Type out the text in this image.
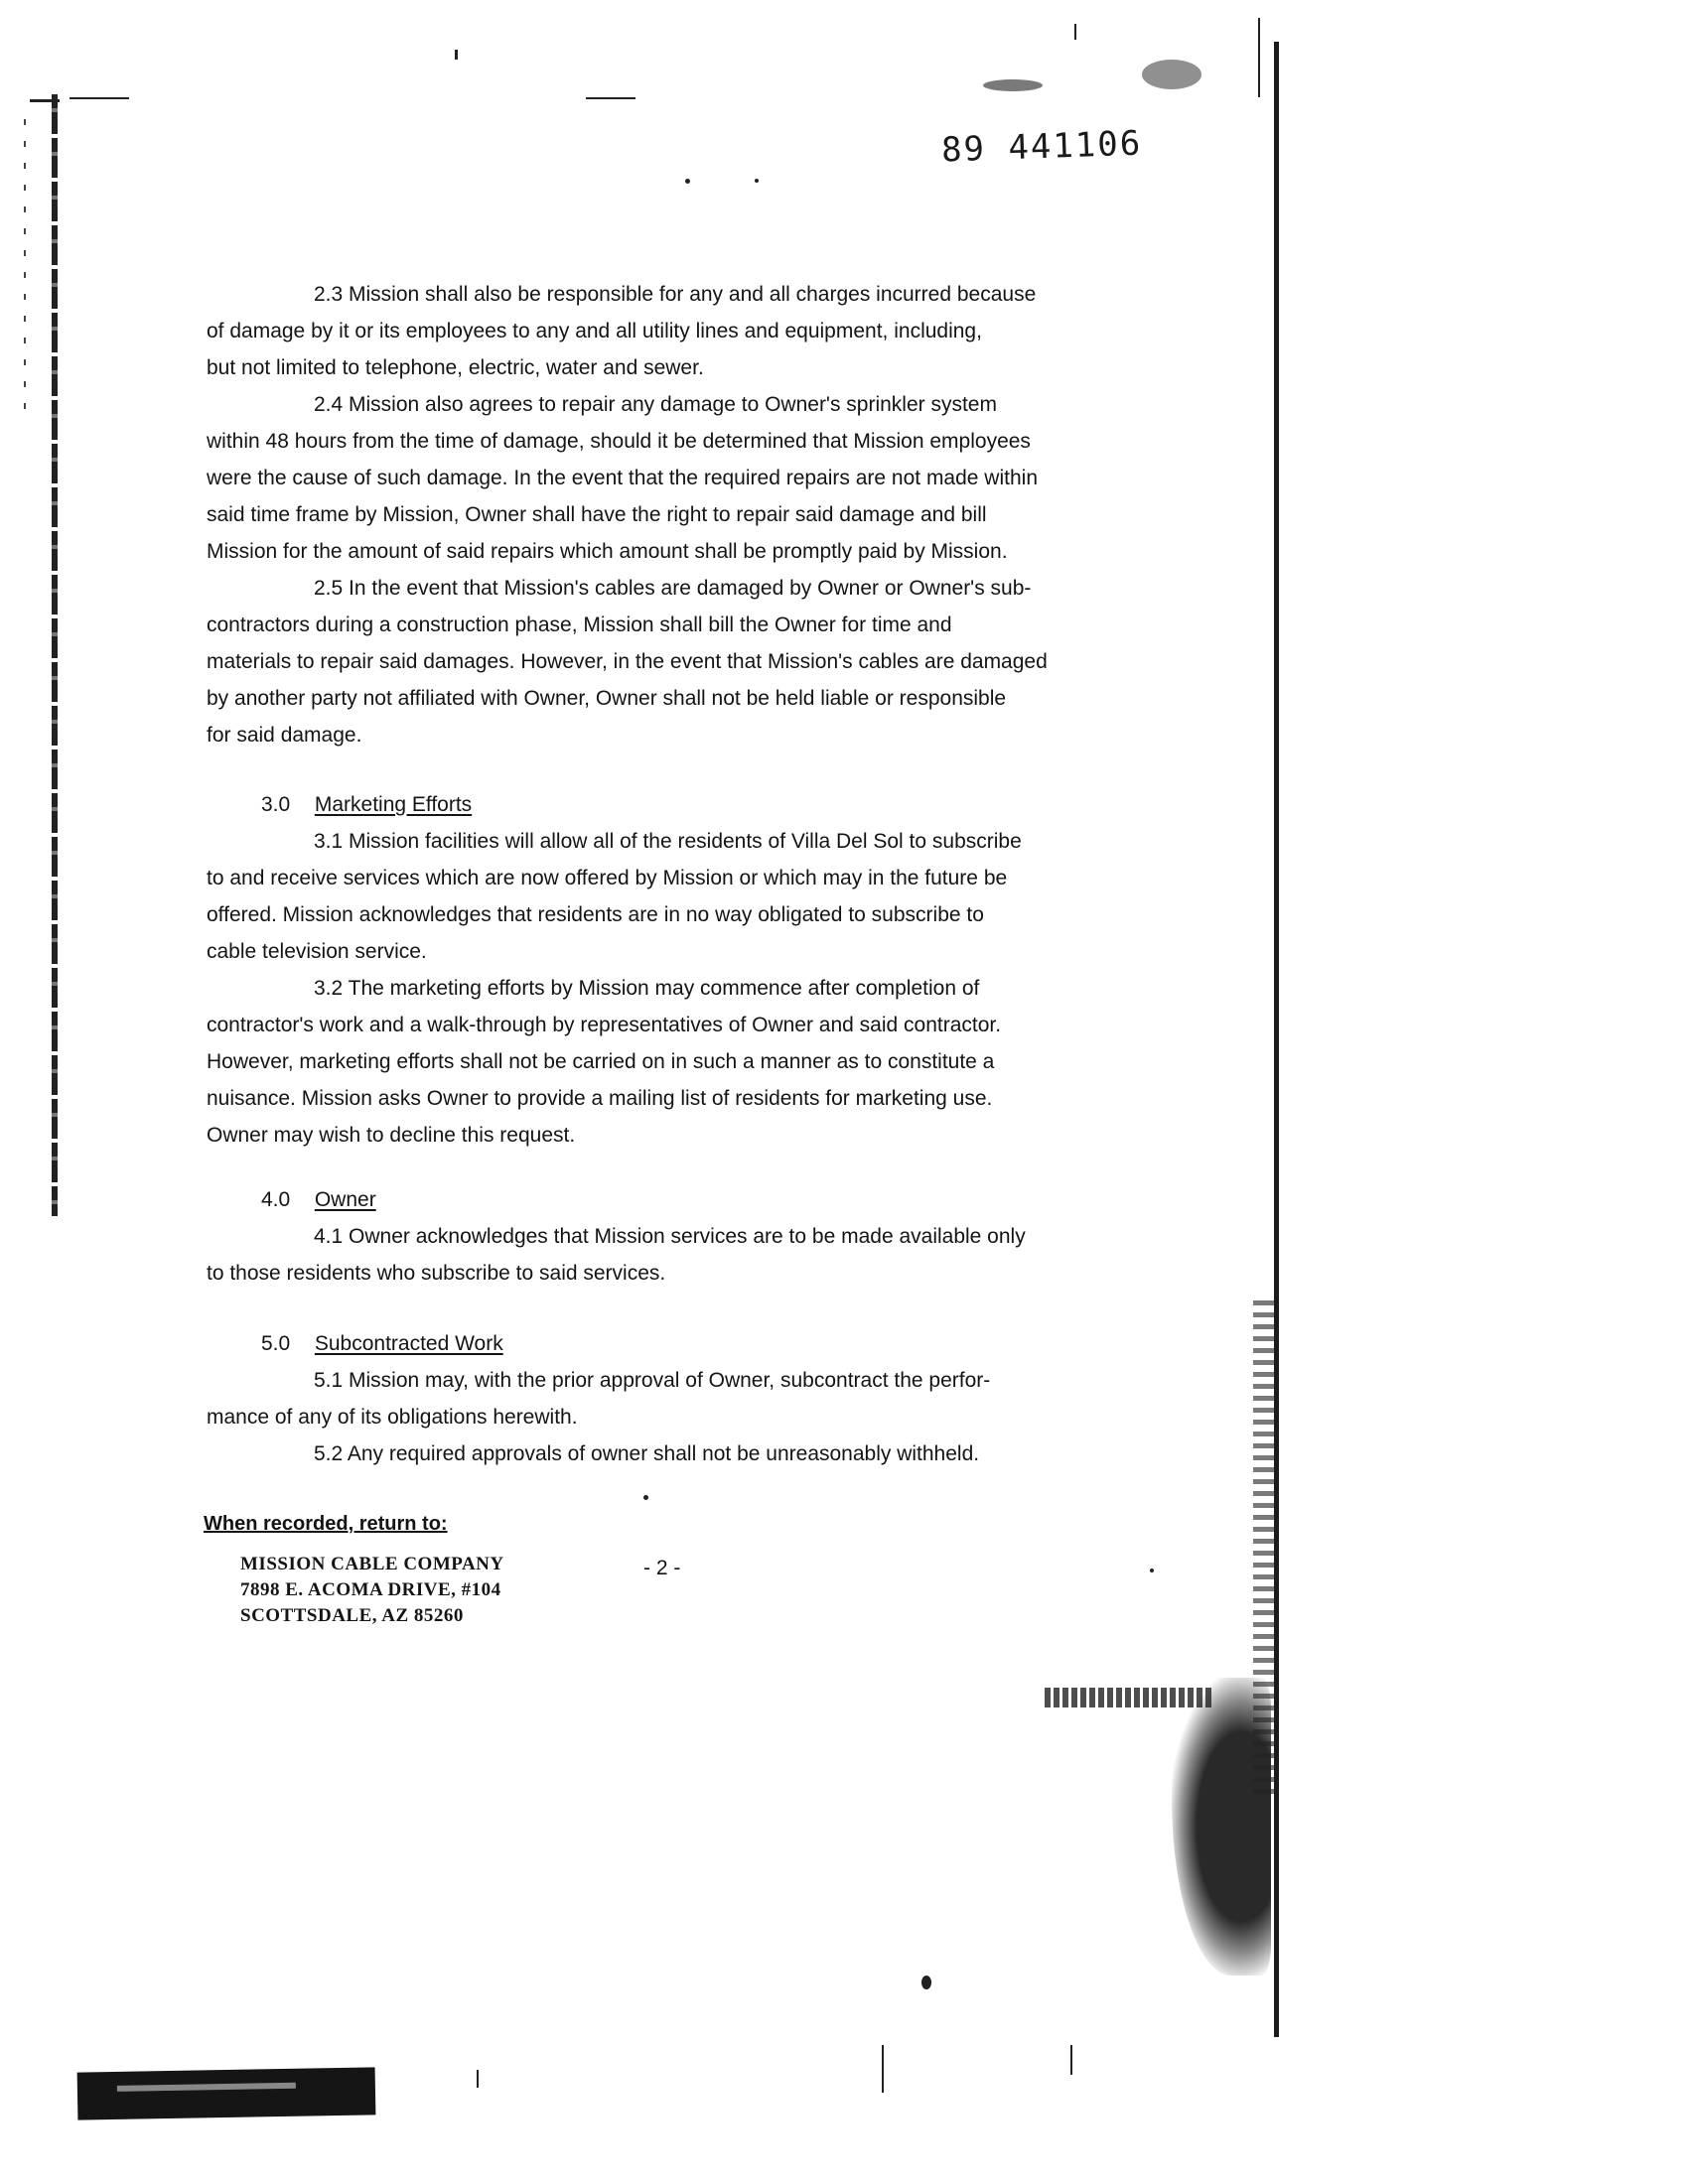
89 441106
2.3 Mission shall also be responsible for any and all charges incurred because
of damage by it or its employees to any and all utility lines and equipment, including,
but not limited to telephone, electric, water and sewer.
2.4 Mission also agrees to repair any damage to Owner's sprinkler system
within 48 hours from the time of damage, should it be determined that Mission employees
were the cause of such damage. In the event that the required repairs are not made within
said time frame by Mission, Owner shall have the right to repair said damage and bill
Mission for the amount of said repairs which amount shall be promptly paid by Mission.
2.5 In the event that Mission's cables are damaged by Owner or Owner's sub-
contractors during a construction phase, Mission shall bill the Owner for time and
materials to repair said damages. However, in the event that Mission's cables are damaged
by another party not affiliated with Owner, Owner shall not be held liable or responsible
for said damage.
3.0 Marketing Efforts
3.1 Mission facilities will allow all of the residents of Villa Del Sol to subscribe
to and receive services which are now offered by Mission or which may in the future be
offered. Mission acknowledges that residents are in no way obligated to subscribe to
cable television service.
3.2 The marketing efforts by Mission may commence after completion of
contractor's work and a walk-through by representatives of Owner and said contractor.
However, marketing efforts shall not be carried on in such a manner as to constitute a
nuisance. Mission asks Owner to provide a mailing list of residents for marketing use.
Owner may wish to decline this request.
4.0 Owner
4.1 Owner acknowledges that Mission services are to be made available only
to those residents who subscribe to said services.
5.0 Subcontracted Work
5.1 Mission may, with the prior approval of Owner, subcontract the perfor-
mance of any of its obligations herewith.
5.2 Any required approvals of owner shall not be unreasonably withheld.
When recorded, return to:
MISSION CABLE COMPANY
7898 E. ACOMA DRIVE, #104
SCOTTSDALE, AZ 85260
- 2 -
